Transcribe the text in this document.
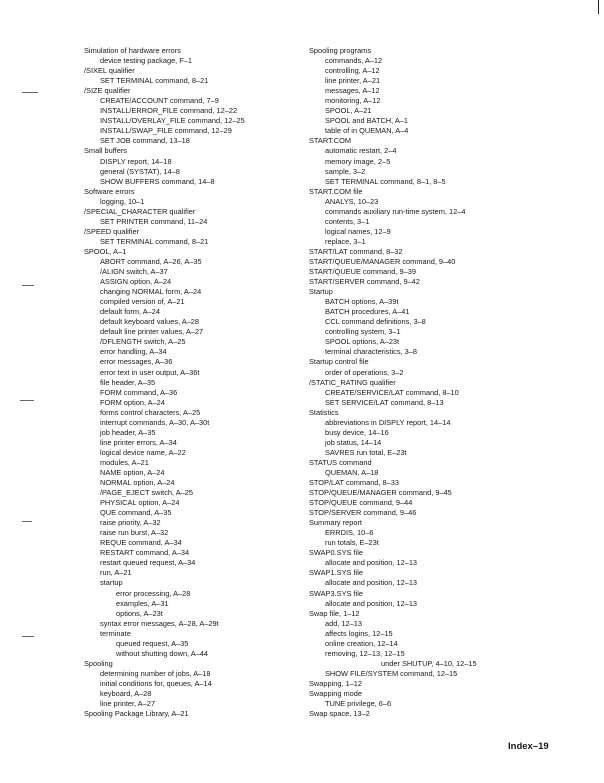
Simulation of hardware errors
device testing package, F–1
/SIXEL qualifier
SET TERMINAL command, 8–21
/SIZE qualifier
CREATE/ACCOUNT command, 7–9
INSTALL/ERROR_FILE command, 12–22
INSTALL/OVERLAY_FILE command, 12–25
INSTALL/SWAP_FILE command, 12–29
SET JOB command, 13–18
Small buffers
DISPLY report, 14–18
general (SYSTAT), 14–8
SHOW BUFFERS command, 14–8
Software errors
logging, 10–1
/SPECIAL_CHARACTER qualifier
SET PRINTER command, 11–24
/SPEED qualifier
SET TERMINAL command, 8–21
SPOOL, A–1
ABORT command, A–26, A–35
/ALIGN switch, A–37
ASSIGN option, A–24
changing NORMAL form, A–24
compiled version of, A–21
default form, A–24
default keyboard values, A–28
default line printer values, A–27
/DFLENGTH switch, A–25
error handling, A–34
error messages, A–36
error text in user output, A–36t
file header, A–35
FORM command, A–36
FORM option, A–24
forms control characters, A–25
interrupt commands, A–30, A–30t
job header, A–35
line printer errors, A–34
logical device name, A–22
modules, A–21
NAME option, A–24
NORMAL option, A–24
/PAGE_EJECT switch, A–25
PHYSICAL option, A–24
QUE command, A–35
raise priority, A–32
raise run burst, A–32
REQUE command, A–34
RESTART command, A–34
restart queued request, A–34
run, A–21
startup
error processing, A–28
examples, A–31
options, A–23t
syntax error messages, A–28, A–29t
terminate
queued request, A–35
without shutting down, A–44
Spooling
determining number of jobs, A–18
initial conditions for, queues, A–14
keyboard, A–28
line printer, A–27
Spooling Package Library, A–21
Spooling programs
commands, A–12
controlling, A–12
line printer, A–21
messages, A–12
monitoring, A–12
SPOOL, A–21
SPOOL and BATCH, A–1
table of in QUEMAN, A–4
START.COM
automatic restart, 2–4
memory image, 2–5
sample, 3–2
SET TERMINAL command, 8–1, 8–5
START.COM file
ANALYS, 10–23
commands auxiliary run-time system, 12–4
contents, 3–1
logical names, 12–9
replace, 3–1
START/LAT command, 8–32
START/QUEUE/MANAGER command, 9–40
START/QUEUE command, 9–39
START/SERVER command, 9–42
Startup
BATCH options, A–39t
BATCH procedures, A–41
CCL command definitions, 3–8
controlling system, 3–1
SPOOL options, A–23t
terminal characteristics, 3–8
Startup control file
order of operations, 3–2
/STATIC_RATING qualifier
CREATE/SERVICE/LAT command, 8–10
SET SERVICE/LAT command, 8–13
Statistics
abbreviations in DISPLY report, 14–14
busy device, 14–16
job status, 14–14
SAVRES run total, E–23t
STATUS command
QUEMAN, A–18
STOP/LAT command, 8–33
STOP/QUEUE/MANAGER command, 9–45
STOP/QUEUE command, 9–44
STOP/SERVER command, 9–46
Summary report
ERRDIS, 10–6
run totals, E–23t
SWAP0.SYS file
allocate and position, 12–13
SWAP1.SYS file
allocate and position, 12–13
SWAP3.SYS file
allocate and position, 12–13
Swap file, 1–12
add, 12–13
affects logins, 12–15
online creation, 12–14
removing, 12–13, 12–15
under SHUTUP, 4–10, 12–15
SHOW FILE/SYSTEM command, 12–15
Swapping, 1–12
Swapping mode
TUNE privilege, 6–6
Swap space, 13–2
Index–19
